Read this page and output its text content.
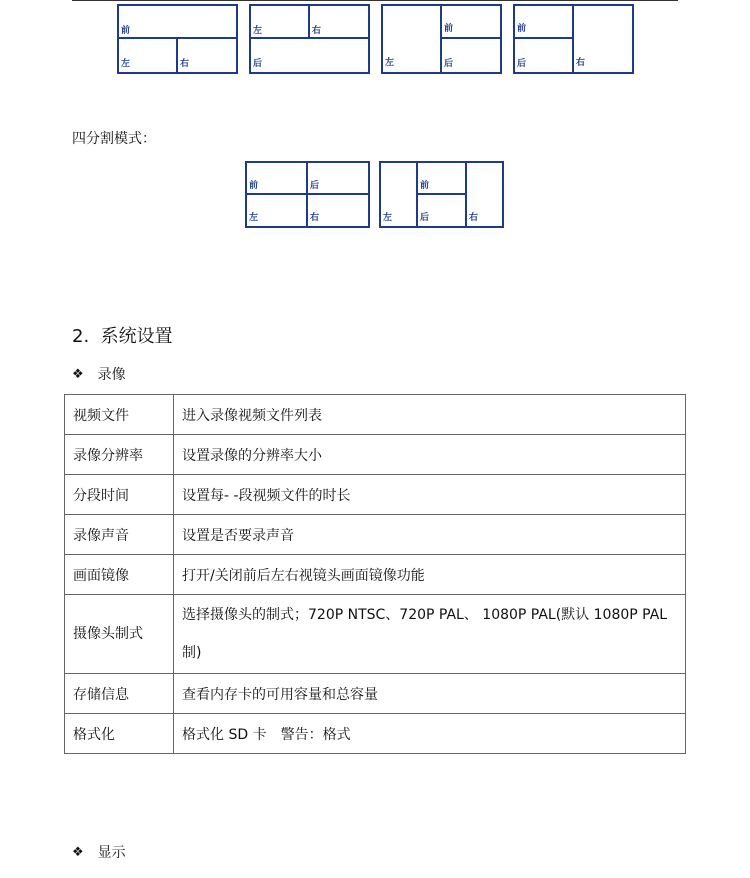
前
左	右
左	右
后	左
前
后
前
后	右
四分割模式：
前	后
左	右	左
前
后	右
2. 系统设置
❖ 录像
视频文件	进入录像视频文件列表
录像分辨率	设置录像的分辨率大小
分段时间	设置每- -段视频文件的时长
录像声音	设置是否要录声音
画面镜像	打开/关闭前后左右视镜头画面镜像功能
摄像头制式	选择摄像头的制式；720P NTSC、720P PAL、 1080P PAL(默认 1080P PAL制)
存储信息	查看内存卡的可用容量和总容量
格式化	格式化 SD 卡　警告：格式
❖ 显示
